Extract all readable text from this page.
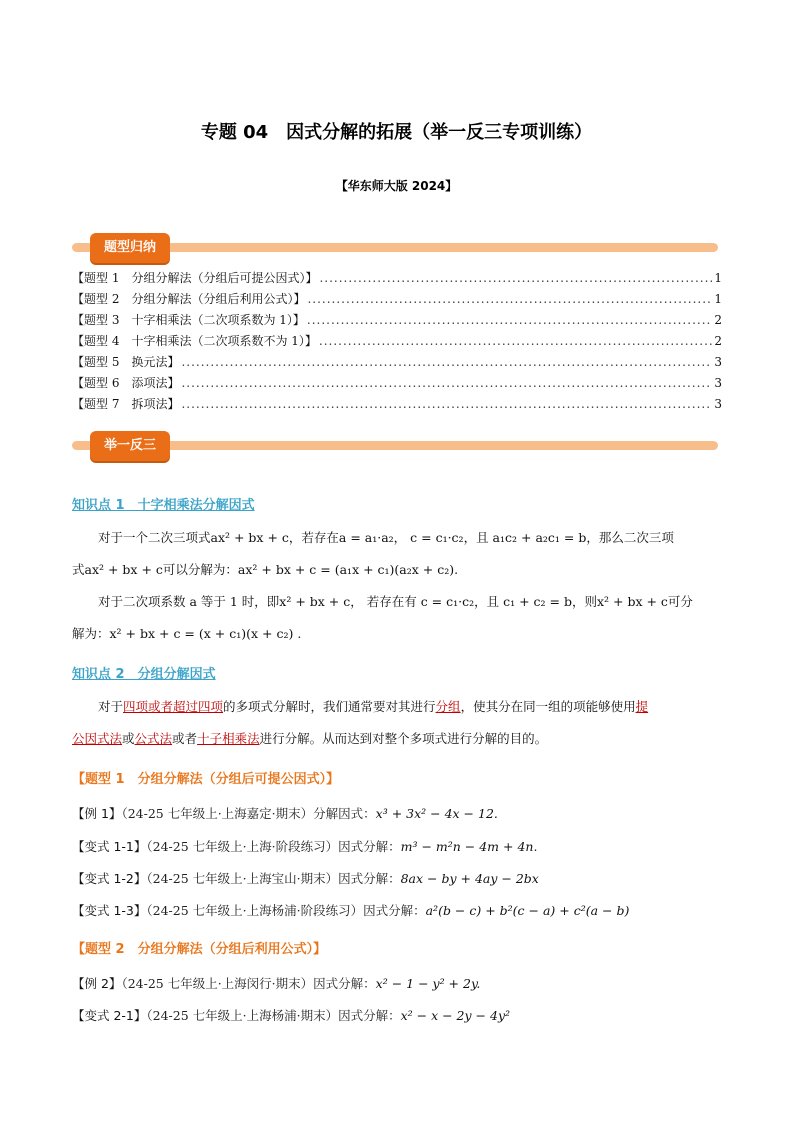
专题 04　因式分解的拓展（举一反三专项训练）
【华东师大版 2024】
题型归纳
【题型 1　分组分解法（分组后可提公因式）】 .....	1
【题型 2　分组分解法（分组后利用公式）】 .....	1
【题型 3　十字相乘法（二次项系数为 1）】 .....	2
【题型 4　十字相乘法（二次项系数不为 1）】 .....	2
【题型 5　换元法】 .....	3
【题型 6　添项法】 .....	3
【题型 7　拆项法】 .....	3
举一反三
知识点 1　十字相乘法分解因式
对于一个二次三项式ax² + bx + c，若存在a = a₁·a₂， c = c₁·c₂，且 a₁c₂ + a₂c₁ = b，那么二次三项
式ax² + bx + c可以分解为：ax² + bx + c = (a₁x + c₁)(a₂x + c₂).
对于二次项系数 a 等于 1 时，即x² + bx + c， 若存在有 c = c₁·c₂，且 c₁ + c₂ = b，则x² + bx + c可分
解为：x² + bx + c = (x + c₁)(x + c₂) .
知识点 2　分组分解因式
对于四项或者超过四项的多项式分解时，我们通常要对其进行分组，使其分在同一组的项能够使用提
公因式法或公式法或者十子相乘法进行分解。从而达到对整个多项式进行分解的目的。
【题型 1　分组分解法（分组后可提公因式）】
【例 1】（24-25 七年级上·上海嘉定·期末）分解因式：x³ + 3x² − 4x − 12.
【变式 1-1】（24-25 七年级上·上海·阶段练习）因式分解：m³ − m²n − 4m + 4n.
【变式 1-2】（24-25 七年级上·上海宝山·期末）因式分解：8ax − by + 4ay − 2bx
【变式 1-3】（24-25 七年级上·上海杨浦·阶段练习）因式分解：a²(b − c) + b²(c − a) + c²(a − b)
【题型 2　分组分解法（分组后利用公式）】
【例 2】（24-25 七年级上·上海闵行·期末）因式分解：x² − 1 − y² + 2y.
【变式 2-1】（24-25 七年级上·上海杨浦·期末）因式分解：x² − x − 2y − 4y²
